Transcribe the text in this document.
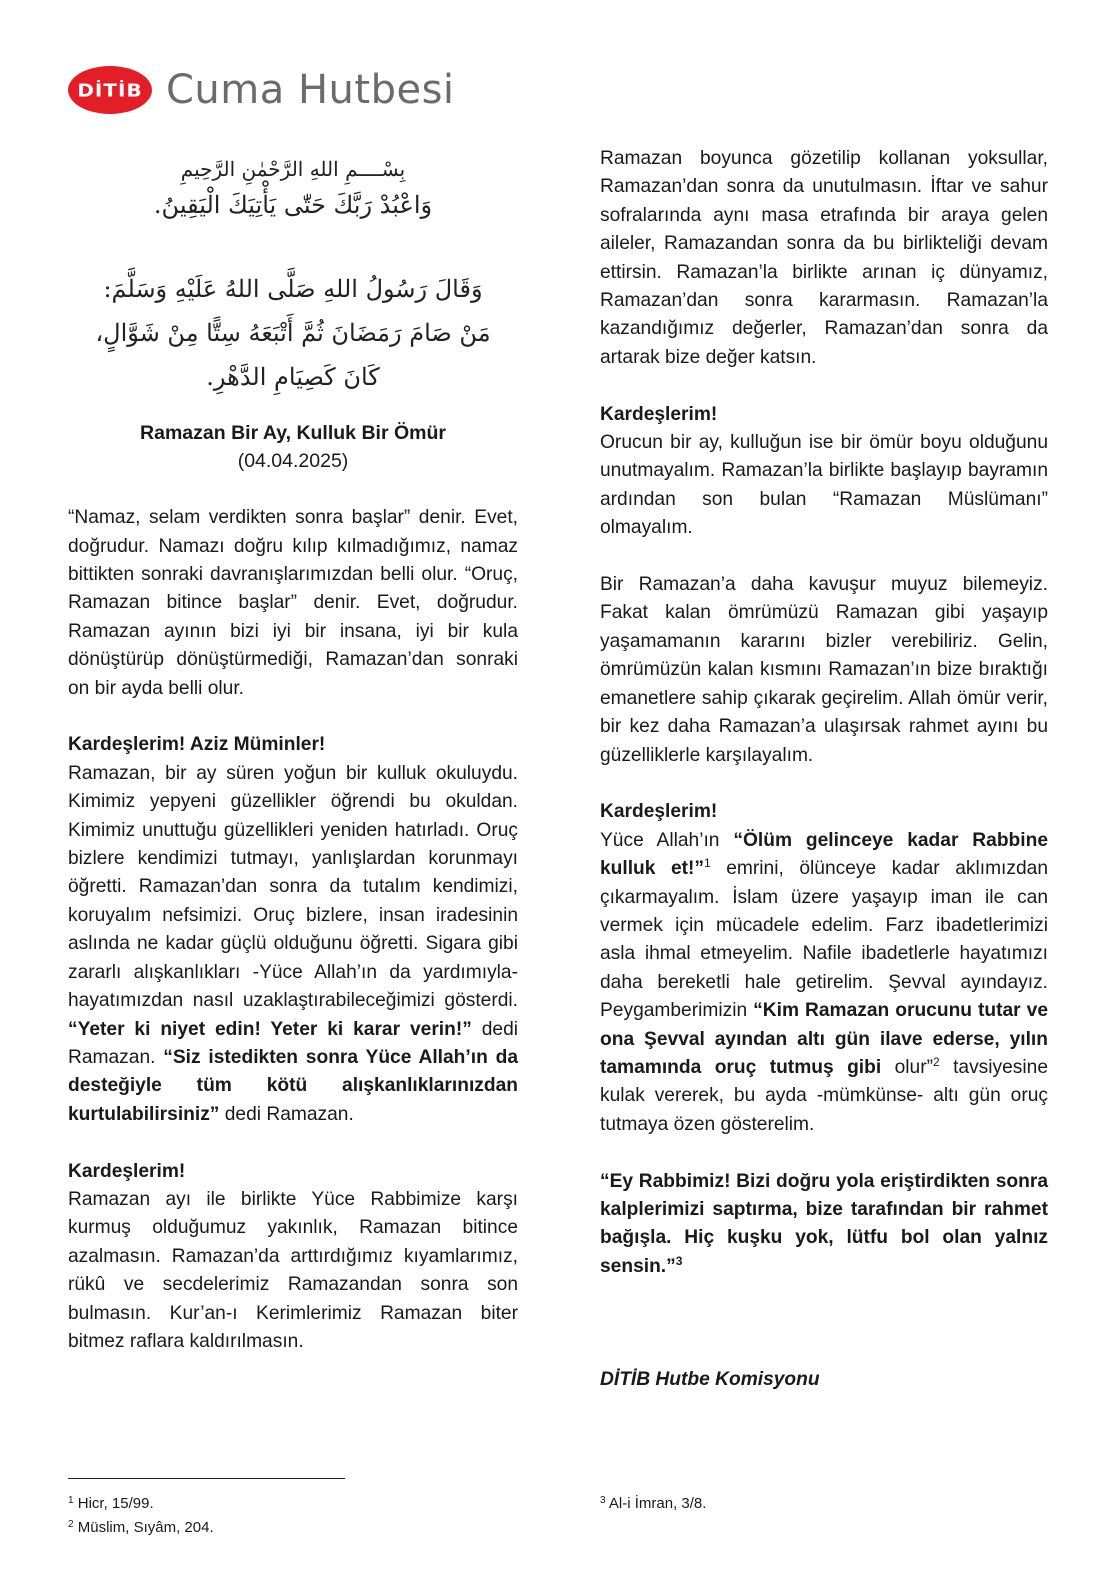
DİTİB Cuma Hutbesi
بِسْــــمِ اللهِ الرَّحْمٰنِ الرَّحِيمِ
وَاعْبُدْ رَبَّكَ حَتّٰى يَأْتِيَكَ الْيَقِينُ.
وَقَالَ رَسُولُ اللهِ صَلَّى اللهُ عَلَيْهِ وَسَلَّمَ:
مَنْ صَامَ رَمَضَانَ ثُمَّ أَتْبَعَهُ سِتًّا مِنْ شَوَّالٍ،
كَانَ كَصِيَامِ الدَّهْرِ.
Ramazan Bir Ay, Kulluk Bir Ömür
(04.04.2025)

“Namaz, selam verdikten sonra başlar” denir. Evet, doğrudur. Namazı doğru kılıp kılmadığımız, namaz bittikten sonraki davranışlarımızdan belli olur. “Oruç, Ramazan bitince başlar” denir. Evet, doğrudur. Ramazan ayının bizi iyi bir insana, iyi bir kula dönüştürüp dönüştürmediği, Ramazan’dan sonraki on bir ayda belli olur.

Kardeşlerim! Aziz Müminler!

Ramazan, bir ay süren yoğun bir kulluk okuluydu. Kimimiz yepyeni güzellikler öğrendi bu okuldan. Kimimiz unuttuğu güzellikleri yeniden hatırladı. Oruç bizlere kendimizi tutmayı, yanlışlardan korunmayı öğretti. Ramazan’dan sonra da tutalım kendimizi, koruyalım nefsimizi. Oruç bizlere, insan iradesinin aslında ne kadar güçlü olduğunu öğretti. Sigara gibi zararlı alışkanlıkları -Yüce Allah’ın da yardımıyla- hayatımızdan nasıl uzaklaştırabileceğimizi gösterdi. “Yeter ki niyet edin! Yeter ki karar verin!” dedi Ramazan. “Siz istedikten sonra Yüce Allah’ın da desteğiyle tüm kötü alışkanlıklarınızdan kurtulabilirsiniz” dedi Ramazan.

Kardeşlerim!

Ramazan ayı ile birlikte Yüce Rabbimize karşı kurmuş olduğumuz yakınlık, Ramazan bitince azalmasın. Ramazan’da arttırdığımız kıyamlarımız, rükû ve secdelerimiz Ramazandan sonra son bulmasın. Kur’an-ı Kerimlerimiz Ramazan biter bitmez raflara kaldırılmasın.

Ramazan boyunca gözetilip kollanan yoksullar, Ramazan’dan sonra da unutulmasın. İftar ve sahur sofralarında aynı masa etrafında bir araya gelen aileler, Ramazandan sonra da bu birlikteliği devam ettirsin. Ramazan’la birlikte arınan iç dünyamız, Ramazan’dan sonra kararmasın. Ramazan’la kazandığımız değerler, Ramazan’dan sonra da artarak bize değer katsın.

Kardeşlerim!

Orucun bir ay, kulluğun ise bir ömür boyu olduğunu unutmayalım. Ramazan’la birlikte başlayıp bayramın ardından son bulan “Ramazan Müslümanı” olmayalım.

Bir Ramazan’a daha kavuşur muyuz bilemeyiz. Fakat kalan ömrümüzü Ramazan gibi yaşayıp yaşamamanın kararını bizler verebiliriz. Gelin, ömrümüzün kalan kısmını Ramazan’ın bize bıraktığı emanetlere sahip çıkarak geçirelim. Allah ömür verir, bir kez daha Ramazan’a ulaşırsak rahmet ayını bu güzelliklerle karşılayalım.

Kardeşlerim!

Yüce Allah’ın “Ölüm gelinceye kadar Rabbine kulluk et!”$^1$ emrini, ölünceye kadar aklımızdan çıkarmayalım. İslam üzere yaşayıp iman ile can vermek için mücadele edelim. Farz ibadetlerimizi asla ihmal etmeyelim. Nafile ibadetlerle hayatımızı daha bereketli hale getirelim. Şevval ayındayız. Peygamberimizin “Kim Ramazan orucunu tutar ve ona Şevval ayından altı gün ilave ederse, yılın tamamında oruç tutmuş gibi olur”$^2$ tavsiyesine kulak vererek, bu ayda -mümkünse- altı gün oruç tutmaya özen gösterelim.

“Ey Rabbimiz! Bizi doğru yola eriştirdikten sonra kalplerimizi saptırma, bize tarafından bir rahmet bağışla. Hiç kuşku yok, lütfu bol olan yalnız sensin.”$^3$

DİTİB Hutbe Komisyonu

$^1$ Hicr, 15/99.
$^2$ Müslim, Sıyâm, 204.
$^3$ Al-i İmran, 3/8.
